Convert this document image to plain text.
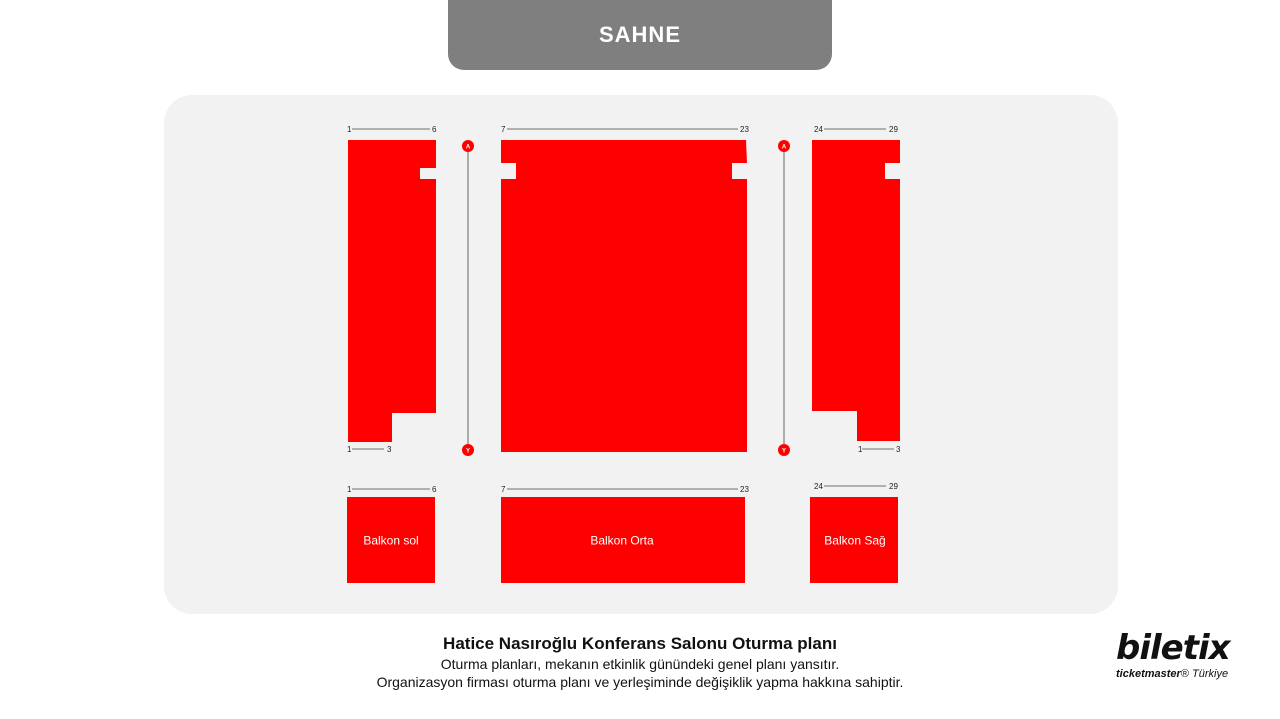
SAHNE
1	6
1	3
A
Y
7	23
A
Y
24	29
1	3
1	6
Balkon sol
7	23
Balkon Orta
24	29
Balkon Sağ
Hatice Nasıroğlu Konferans Salonu Oturma planı
Oturma planları, mekanın etkinlik günündeki genel planı yansıtır.
Organizasyon firması oturma planı ve yerleşiminde değişiklik yapma hakkına sahiptir.
biletix
ticketmaster® Türkiye
